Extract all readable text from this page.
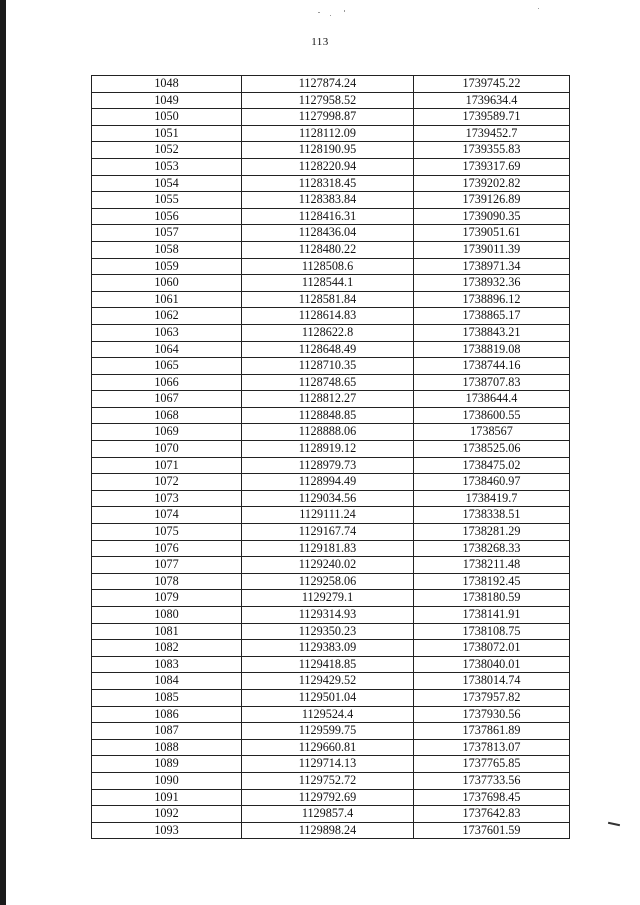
113
1048	1127874.24	1739745.22
1049	1127958.52	1739634.4
1050	1127998.87	1739589.71
1051	1128112.09	1739452.7
1052	1128190.95	1739355.83
1053	1128220.94	1739317.69
1054	1128318.45	1739202.82
1055	1128383.84	1739126.89
1056	1128416.31	1739090.35
1057	1128436.04	1739051.61
1058	1128480.22	1739011.39
1059	1128508.6	1738971.34
1060	1128544.1	1738932.36
1061	1128581.84	1738896.12
1062	1128614.83	1738865.17
1063	1128622.8	1738843.21
1064	1128648.49	1738819.08
1065	1128710.35	1738744.16
1066	1128748.65	1738707.83
1067	1128812.27	1738644.4
1068	1128848.85	1738600.55
1069	1128888.06	1738567
1070	1128919.12	1738525.06
1071	1128979.73	1738475.02
1072	1128994.49	1738460.97
1073	1129034.56	1738419.7
1074	1129111.24	1738338.51
1075	1129167.74	1738281.29
1076	1129181.83	1738268.33
1077	1129240.02	1738211.48
1078	1129258.06	1738192.45
1079	1129279.1	1738180.59
1080	1129314.93	1738141.91
1081	1129350.23	1738108.75
1082	1129383.09	1738072.01
1083	1129418.85	1738040.01
1084	1129429.52	1738014.74
1085	1129501.04	1737957.82
1086	1129524.4	1737930.56
1087	1129599.75	1737861.89
1088	1129660.81	1737813.07
1089	1129714.13	1737765.85
1090	1129752.72	1737733.56
1091	1129792.69	1737698.45
1092	1129857.4	1737642.83
1093	1129898.24	1737601.59
